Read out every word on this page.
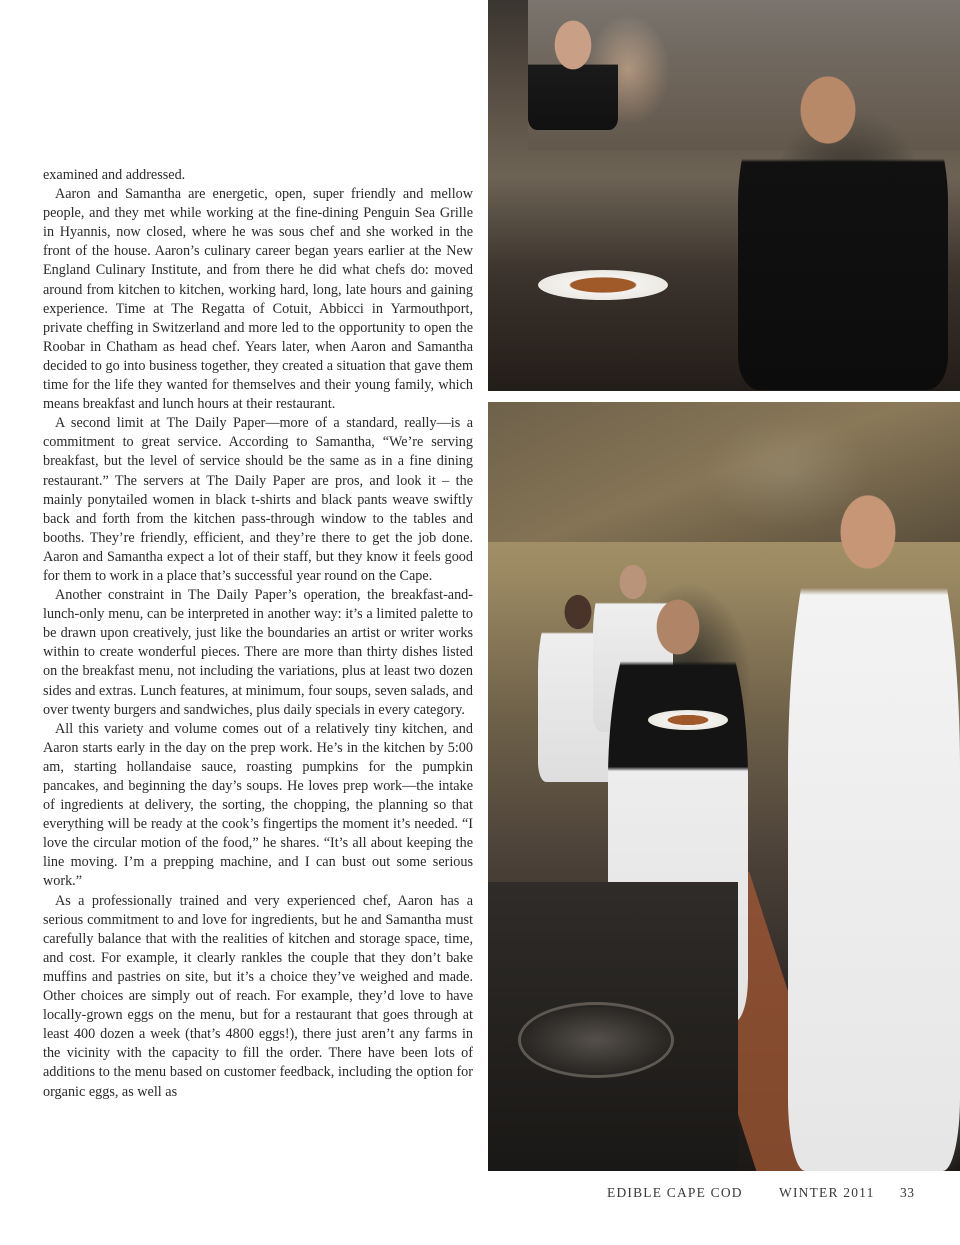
examined and addressed.

Aaron and Samantha are energetic, open, super friendly and mellow people, and they met while working at the fine-dining Penguin Sea Grille in Hyannis, now closed, where he was sous chef and she worked in the front of the house. Aaron’s culinary career began years earlier at the New England Culinary Institute, and from there he did what chefs do: moved around from kitchen to kitchen, working hard, long, late hours and gaining experience. Time at The Regatta of Cotuit, Abbicci in Yarmouthport, private cheffing in Switzerland and more led to the opportunity to open the Roobar in Chatham as head chef. Years later, when Aaron and Samantha decided to go into business together, they created a situation that gave them time for the life they wanted for themselves and their young family, which means breakfast and lunch hours at their restaurant.

A second limit at The Daily Paper—more of a standard, really—is a commitment to great service. According to Samantha, “We’re serving breakfast, but the level of service should be the same as in a fine dining restaurant.” The servers at The Daily Paper are pros, and look it – the mainly ponytailed women in black t-shirts and black pants weave swiftly back and forth from the kitchen pass-through window to the tables and booths. They’re friendly, efficient, and they’re there to get the job done. Aaron and Samantha expect a lot of their staff, but they know it feels good for them to work in a place that’s successful year round on the Cape.

Another constraint in The Daily Paper’s operation, the breakfast-and-lunch-only menu, can be interpreted in another way: it’s a limited palette to be drawn upon creatively, just like the boundaries an artist or writer works within to create wonderful pieces. There are more than thirty dishes listed on the breakfast menu, not including the variations, plus at least two dozen sides and extras. Lunch features, at minimum, four soups, seven salads, and over twenty burgers and sandwiches, plus daily specials in every category.

All this variety and volume comes out of a relatively tiny kitchen, and Aaron starts early in the day on the prep work. He’s in the kitchen by 5:00 am, starting hollandaise sauce, roasting pumpkins for the pumpkin pancakes, and beginning the day’s soups. He loves prep work—the intake of ingredients at delivery, the sorting, the chopping, the planning so that everything will be ready at the cook’s fingertips the moment it’s needed. “I love the circular motion of the food,” he shares. “It’s all about keeping the line moving. I’m a prepping machine, and I can bust out some serious work.”

As a professionally trained and very experienced chef, Aaron has a serious commitment to and love for ingredients, but he and Samantha must carefully balance that with the realities of kitchen and storage space, time, and cost. For example, it clearly rankles the couple that they don’t bake muffins and pastries on site, but it’s a choice they’ve weighed and made. Other choices are simply out of reach. For example, they’d love to have locally-grown eggs on the menu, but for a restaurant that goes through at least 400 dozen a week (that’s 4800 eggs!), there just aren’t any farms in the vicinity with the capacity to fill the order. There have been lots of additions to the menu based on customer feedback, including the option for organic eggs, as well as

EDIBLE CAPE COD	WINTER 2011 33
